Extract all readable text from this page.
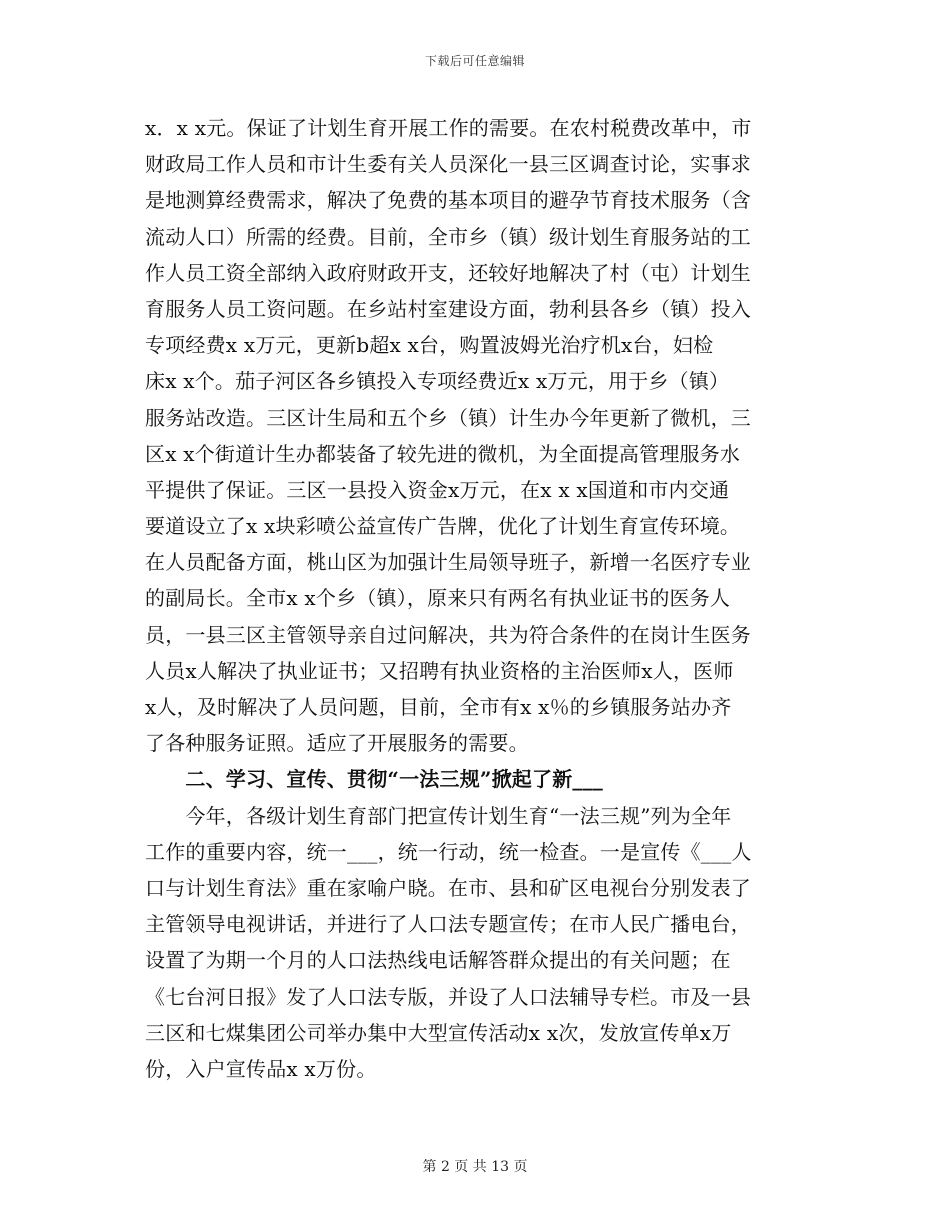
下载后可任意编辑
x．x x元。保证了计划生育开展工作的需要。在农村税费改革中，市
财政局工作人员和市计生委有关人员深化一县三区调查讨论，实事求
是地测算经费需求，解决了免费的基本项目的避孕节育技术服务（含
流动人口）所需的经费。目前，全市乡（镇）级计划生育服务站的工
作人员工资全部纳入政府财政开支，还较好地解决了村（屯）计划生
育服务人员工资问题。在乡站村室建设方面，勃利县各乡（镇）投入
专项经费x x万元，更新b超x x台，购置波姆光治疗机x台，妇检
床x x个。茄子河区各乡镇投入专项经费近x x万元，用于乡（镇）
服务站改造。三区计生局和五个乡（镇）计生办今年更新了微机，三
区x x个街道计生办都装备了较先进的微机，为全面提高管理服务水
平提供了保证。三区一县投入资金x万元，在x x x国道和市内交通
要道设立了x x块彩喷公益宣传广告牌，优化了计划生育宣传环境。
在人员配备方面，桃山区为加强计生局领导班子，新增一名医疗专业
的副局长。全市x x个乡（镇），原来只有两名有执业证书的医务人
员，一县三区主管领导亲自过问解决，共为符合条件的在岗计生医务
人员x人解决了执业证书；又招聘有执业资格的主治医师x人，医师
x人，及时解决了人员问题，目前，全市有x x％的乡镇服务站办齐
了各种服务证照。适应了开展服务的需要。
　　二、学习、宣传、贯彻“一法三规”掀起了新___
　　今年，各级计划生育部门把宣传计划生育“一法三规”列为全年
工作的重要内容，统一___，统一行动，统一检查。一是宣传《___人
口与计划生育法》重在家喻户晓。在市、县和矿区电视台分别发表了
主管领导电视讲话，并进行了人口法专题宣传；在市人民广播电台，
设置了为期一个月的人口法热线电话解答群众提出的有关问题；在
《七台河日报》发了人口法专版，并设了人口法辅导专栏。市及一县
三区和七煤集团公司举办集中大型宣传活动x x次，发放宣传单x万
份，入户宣传品x x万份。
第 2 页 共 13 页
